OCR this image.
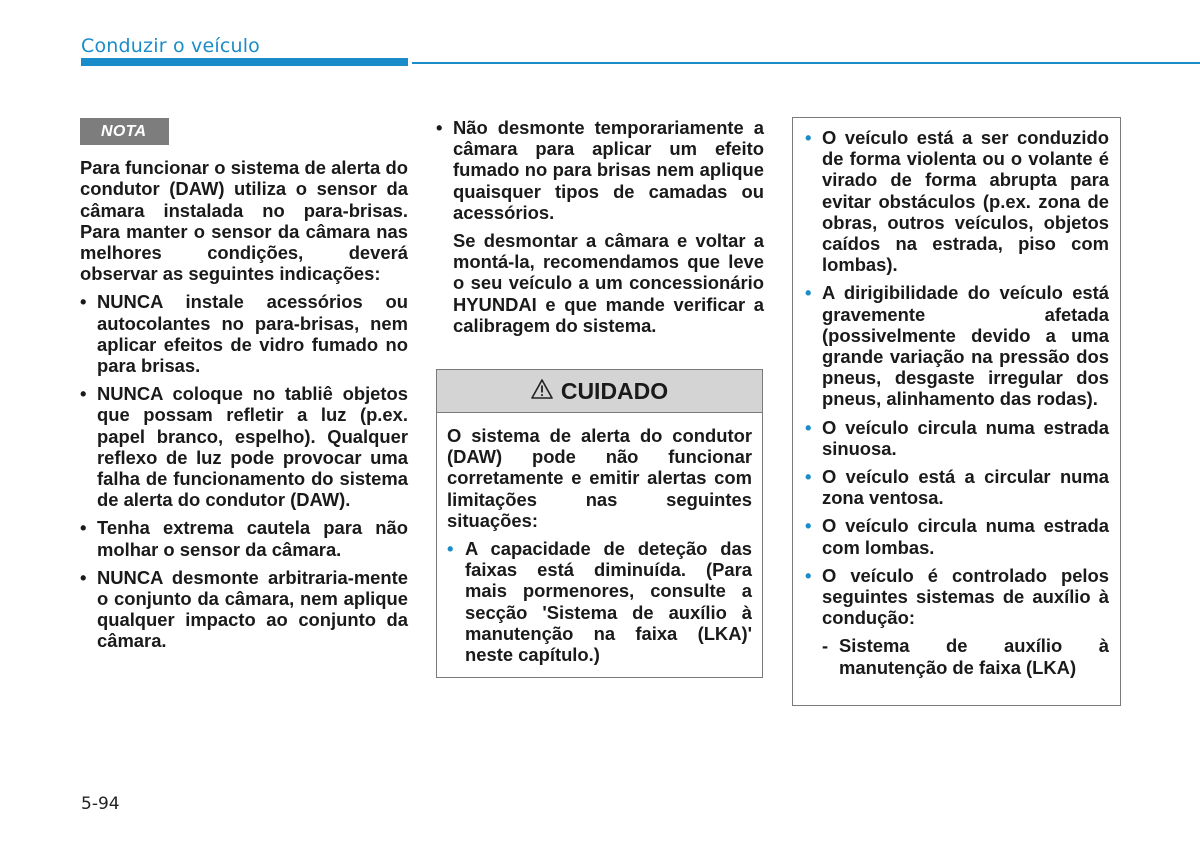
Conduzir o veículo
NOTA

Para funcionar o sistema de alerta do condutor (DAW) utiliza o sensor da câmara instalada no para-brisas. Para manter o sensor da câmara nas melhores condições, deverá observar as seguintes indicações:

• NUNCA instale acessórios ou autocolantes no para-brisas, nem aplicar efeitos de vidro fumado no para brisas.
• NUNCA coloque no tabliê objetos que possam refletir a luz (p.ex. papel branco, espelho). Qualquer reflexo de luz pode provocar uma falha de funcionamento do sistema de alerta do condutor (DAW).
• Tenha extrema cautela para não molhar o sensor da câmara.
• NUNCA desmonte arbitraria-mente o conjunto da câmara, nem aplique qualquer impacto ao conjunto da câmara.
• Não desmonte temporariamente a câmara para aplicar um efeito fumado no para brisas nem aplique quaisquer tipos de camadas ou acessórios.

Se desmontar a câmara e voltar a montá-la, recomendamos que leve o seu veículo a um concessionário HYUNDAI e que mande verificar a calibragem do sistema.

CUIDADO

O sistema de alerta do condutor (DAW) pode não funcionar corretamente e emitir alertas com limitações nas seguintes situações:

• A capacidade de deteção das faixas está diminuída. (Para mais pormenores, consulte a secção 'Sistema de auxílio à manutenção na faixa (LKA)' neste capítulo.)
• O veículo está a ser conduzido de forma violenta ou o volante é virado de forma abrupta para evitar obstáculos (p.ex. zona de obras, outros veículos, objetos caídos na estrada, piso com lombas).
• A dirigibilidade do veículo está gravemente afetada (possivelmente devido a uma grande variação na pressão dos pneus, desgaste irregular dos pneus, alinhamento das rodas).
• O veículo circula numa estrada sinuosa.
• O veículo está a circular numa zona ventosa.
• O veículo circula numa estrada com lombas.
• O veículo é controlado pelos seguintes sistemas de auxílio à condução:
- Sistema de auxílio à manutenção de faixa (LKA)
5-94
